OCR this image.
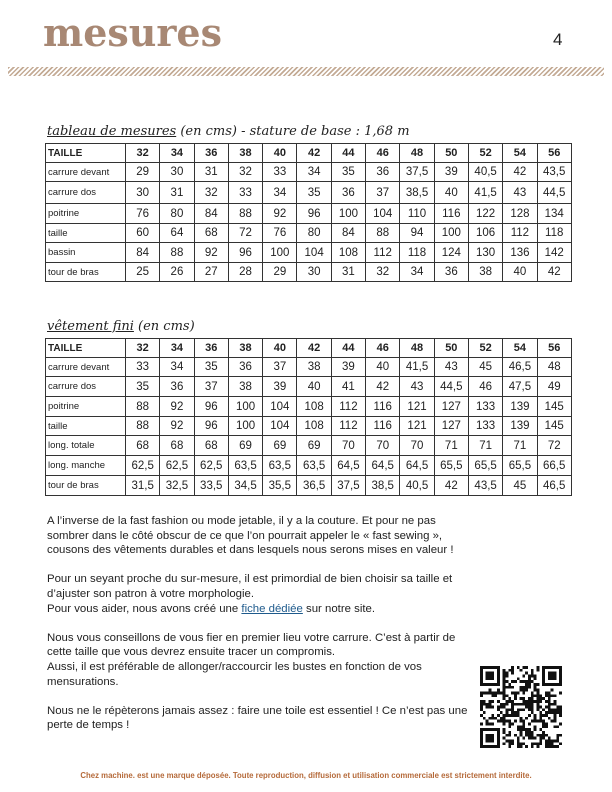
mesures	4
tableau de mesures (en cms) - stature de base : 1,68 m
TAILLE	32	34	36	38	40	42	44	46	48	50	52	54	56
carrure devant	29	30	31	32	33	34	35	36	37,5	39	40,5	42	43,5
carrure dos	30	31	32	33	34	35	36	37	38,5	40	41,5	43	44,5
poitrine	76	80	84	88	92	96	100	104	110	116	122	128	134
taille	60	64	68	72	76	80	84	88	94	100	106	112	118
bassin	84	88	92	96	100	104	108	112	118	124	130	136	142
tour de bras	25	26	27	28	29	30	31	32	34	36	38	40	42
vêtement fini (en cms)
TAILLE	32	34	36	38	40	42	44	46	48	50	52	54	56
carrure devant	33	34	35	36	37	38	39	40	41,5	43	45	46,5	48
carrure dos	35	36	37	38	39	40	41	42	43	44,5	46	47,5	49
poitrine	88	92	96	100	104	108	112	116	121	127	133	139	145
taille	88	92	96	100	104	108	112	116	121	127	133	139	145
long. totale	68	68	68	69	69	69	70	70	70	71	71	71	72
long. manche	62,5	62,5	62,5	63,5	63,5	63,5	64,5	64,5	64,5	65,5	65,5	65,5	66,5
tour de bras	31,5	32,5	33,5	34,5	35,5	36,5	37,5	38,5	40,5	42	43,5	45	46,5

A l’inverse de la fast fashion ou mode jetable, il y a la couture. Et pour ne pas sombrer dans le côté obscur de ce que l’on pourrait appeler le « fast sewing », cousons des vêtements durables et dans lesquels nous serons mises en valeur !

Pour un seyant proche du sur-mesure, il est primordial de bien choisir sa taille et d’ajuster son patron à votre morphologie.

Pour vous aider, nous avons créé une fiche dédiée sur notre site.

Nous vous conseillons de vous fier en premier lieu votre carrure. C’est à partir de cette taille que vous devrez ensuite tracer un compromis.

Aussi, il est préférable de allonger/raccourcir les bustes en fonction de vos mensurations.

Nous ne le répèterons jamais assez : faire une toile est essentiel ! Ce n’est pas une perte de temps !

Chez machine. est une marque déposée. Toute reproduction, diffusion et utilisation commerciale est strictement interdite.
